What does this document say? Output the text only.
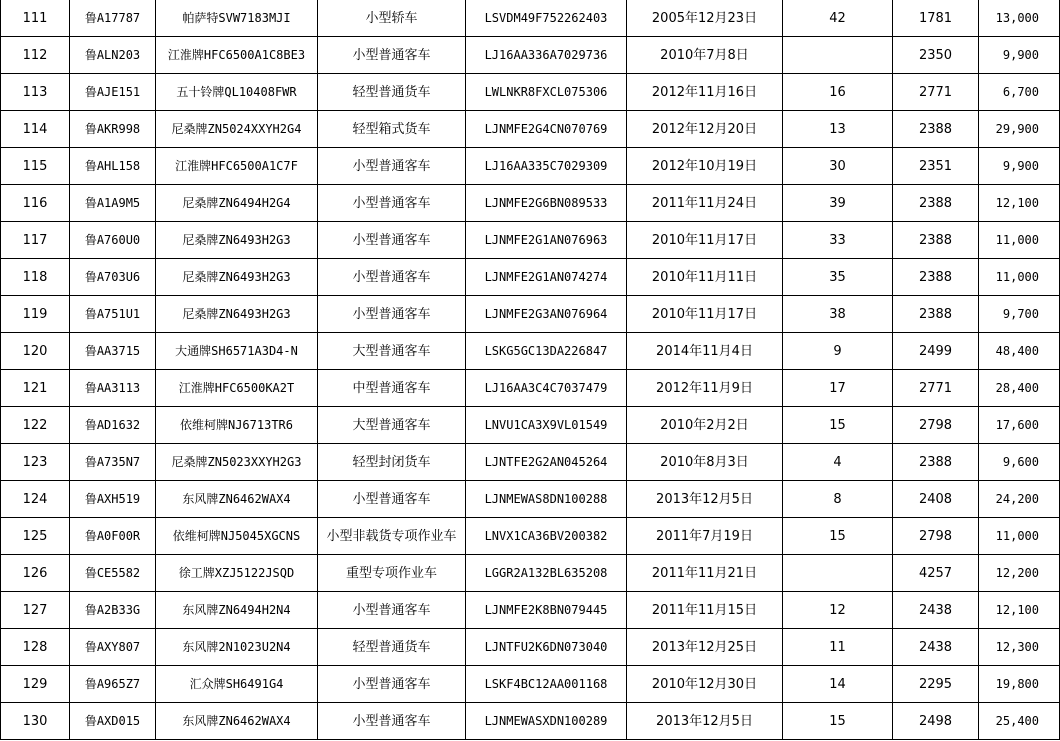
111	鲁A17787	帕萨特SVW7183MJI	小型轿车	LSVDM49F752262403	2005年12月23日	42	1781	13,000
112	鲁ALN203	江淮牌HFC6500A1C8BE3	小型普通客车	LJ16AA336A7029736	2010年7月8日		2350	9,900
113	鲁AJE151	五十铃牌QL10408FWR	轻型普通货车	LWLNKR8FXCL075306	2012年11月16日	16	2771	6,700
114	鲁AKR998	尼桑牌ZN5024XXYH2G4	轻型箱式货车	LJNMFE2G4CN070769	2012年12月20日	13	2388	29,900
115	鲁AHL158	江淮牌HFC6500A1C7F	小型普通客车	LJ16AA335C7029309	2012年10月19日	30	2351	9,900
116	鲁A1A9M5	尼桑牌ZN6494H2G4	小型普通客车	LJNMFE2G6BN089533	2011年11月24日	39	2388	12,100
117	鲁A760U0	尼桑牌ZN6493H2G3	小型普通客车	LJNMFE2G1AN076963	2010年11月17日	33	2388	11,000
118	鲁A703U6	尼桑牌ZN6493H2G3	小型普通客车	LJNMFE2G1AN074274	2010年11月11日	35	2388	11,000
119	鲁A751U1	尼桑牌ZN6493H2G3	小型普通客车	LJNMFE2G3AN076964	2010年11月17日	38	2388	9,700
120	鲁AA3715	大通牌SH6571A3D4-N	大型普通客车	LSKG5GC13DA226847	2014年11月4日	9	2499	48,400
121	鲁AA3113	江淮牌HFC6500KA2T	中型普通客车	LJ16AA3C4C7037479	2012年11月9日	17	2771	28,400
122	鲁AD1632	依维柯牌NJ6713TR6	大型普通客车	LNVU1CA3X9VL01549	2010年2月2日	15	2798	17,600
123	鲁A735N7	尼桑牌ZN5023XXYH2G3	轻型封闭货车	LJNTFE2G2AN045264	2010年8月3日	4	2388	9,600
124	鲁AXH519	东风牌ZN6462WAX4	小型普通客车	LJNMEWAS8DN100288	2013年12月5日	8	2408	24,200
125	鲁A0F00R	依维柯牌NJ5045XGCNS	小型非载货专项作业车	LNVX1CA36BV200382	2011年7月19日	15	2798	11,000
126	鲁CE5582	徐工牌XZJ5122JSQD	重型专项作业车	LGGR2A132BL635208	2011年11月21日		4257	12,200
127	鲁A2B33G	东风牌ZN6494H2N4	小型普通客车	LJNMFE2K8BN079445	2011年11月15日	12	2438	12,100
128	鲁AXY807	东风牌2N1023U2N4	轻型普通货车	LJNTFU2K6DN073040	2013年12月25日	11	2438	12,300
129	鲁A965Z7	汇众牌SH6491G4	小型普通客车	LSKF4BC12AA001168	2010年12月30日	14	2295	19,800
130	鲁AXD015	东风牌ZN6462WAX4	小型普通客车	LJNMEWASXDN100289	2013年12月5日	15	2498	25,400
